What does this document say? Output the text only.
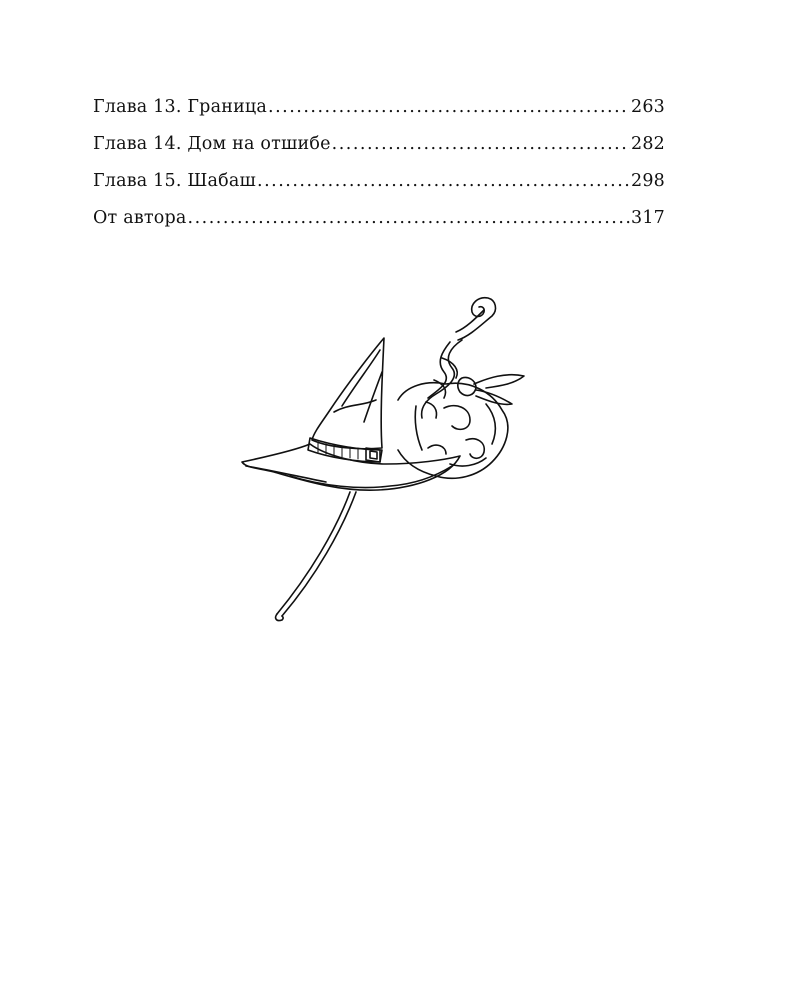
Глава 13. Граница .....	263
Глава 14. Дом на отшибе .....	282
Глава 15. Шабаш .....	298
От автора .....	317
